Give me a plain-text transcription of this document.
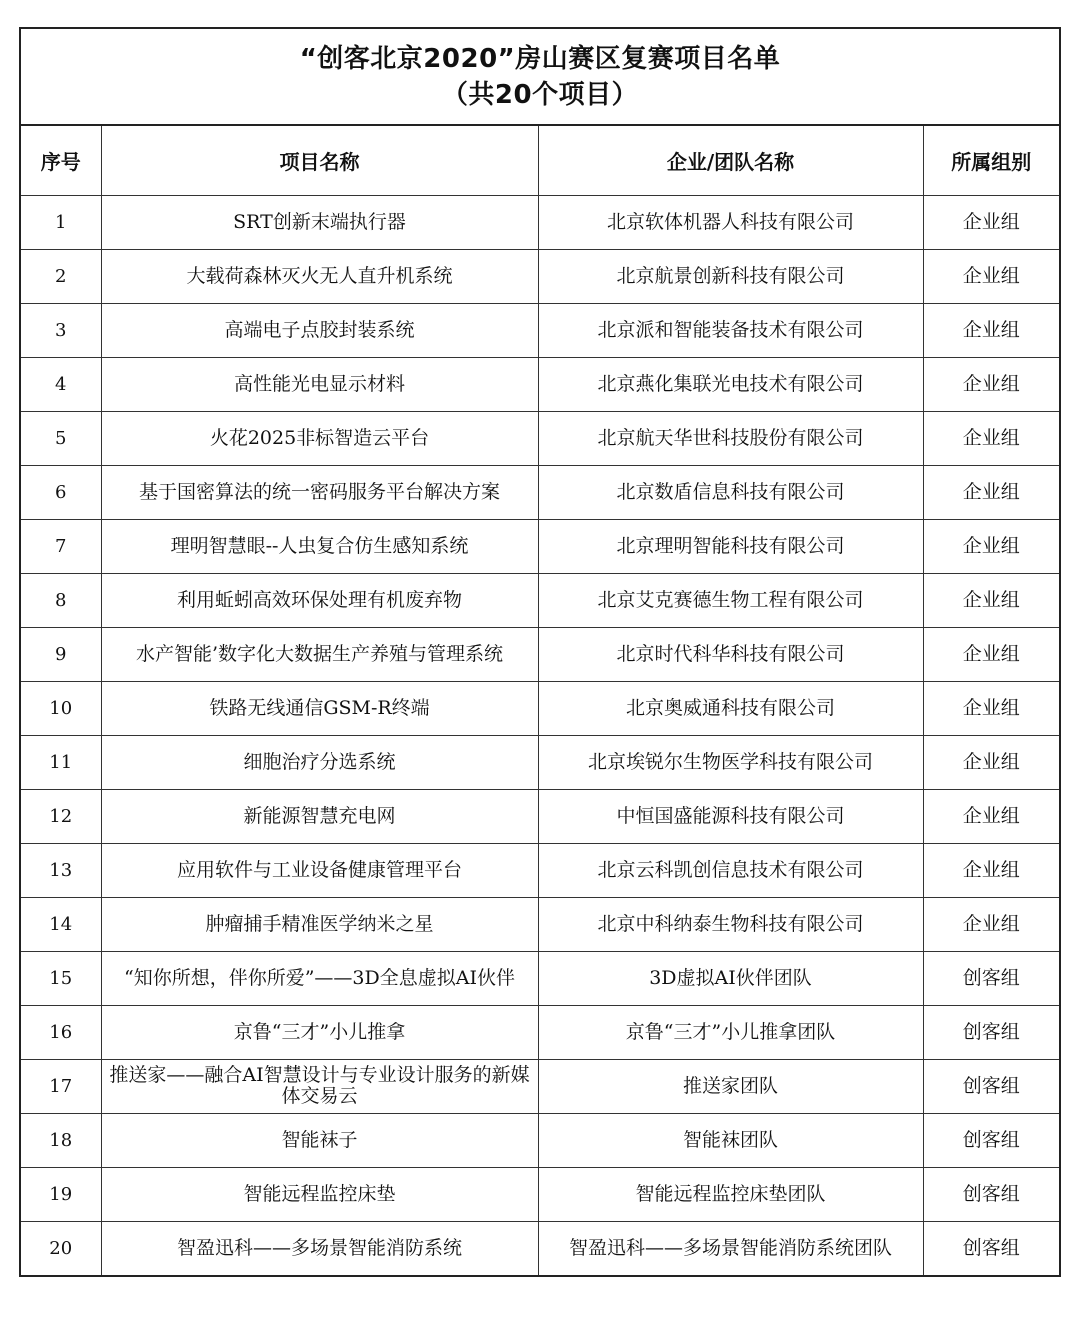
“创客北京2020”房山赛区复赛项目名单
（共20个项目）
序号	项目名称	企业/团队名称	所属组别
1	SRT创新末端执行器	北京软体机器人科技有限公司	企业组
2	大载荷森林灭火无人直升机系统	北京航景创新科技有限公司	企业组
3	高端电子点胶封装系统	北京派和智能装备技术有限公司	企业组
4	高性能光电显示材料	北京燕化集联光电技术有限公司	企业组
5	火花2025非标智造云平台	北京航天华世科技股份有限公司	企业组
6	基于国密算法的统一密码服务平台解决方案	北京数盾信息科技有限公司	企业组
7	理明智慧眼--人虫复合仿生感知系统	北京理明智能科技有限公司	企业组
8	利用蚯蚓高效环保处理有机废弃物	北京艾克赛德生物工程有限公司	企业组
9	水产智能’数字化大数据生产养殖与管理系统	北京时代科华科技有限公司	企业组
10	铁路无线通信GSM-R终端	北京奥威通科技有限公司	企业组
11	细胞治疗分选系统	北京埃锐尔生物医学科技有限公司	企业组
12	新能源智慧充电网	中恒国盛能源科技有限公司	企业组
13	应用软件与工业设备健康管理平台	北京云科凯创信息技术有限公司	企业组
14	肿瘤捕手精准医学纳米之星	北京中科纳泰生物科技有限公司	企业组
15	“知你所想，伴你所爱”——3D全息虚拟AI伙伴	3D虚拟AI伙伴团队	创客组
16	京鲁“三才”小儿推拿	京鲁“三才”小儿推拿团队	创客组
17	推送家——融合AI智慧设计与专业设计服务的新媒体交易云	推送家团队	创客组
18	智能袜子	智能袜团队	创客组
19	智能远程监控床垫	智能远程监控床垫团队	创客组
20	智盈迅科——多场景智能消防系统	智盈迅科——多场景智能消防系统团队	创客组
